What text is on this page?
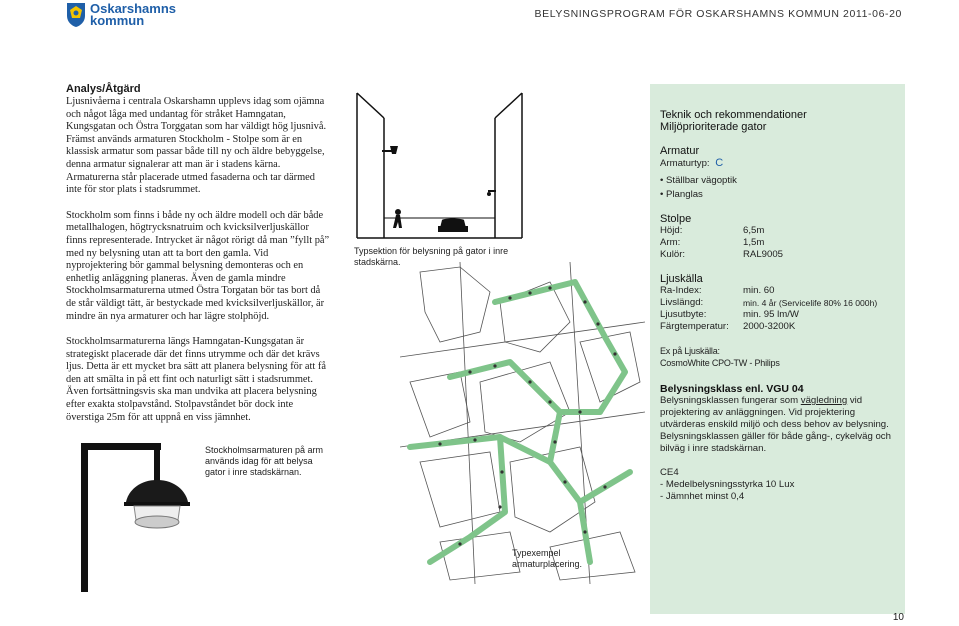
Oskarshamns
kommun	BELYSNINGSPROGRAM FÖR OSKARSHAMNS KOMMUN 2011-06-20
Analys/Åtgärd

Ljusnivåerna i centrala Oskarshamn upplevs idag som ojämna och något låga med undantag för stråket Hamngatan, Kungsgatan och Östra Torggatan som har väldigt hög ljusnivå. Främst används armaturen Stockholm - Stolpe som är en klassisk armatur som passar både till ny och äldre bebyggelse, denna armatur signalerar att man är i stadens kärna. Armaturerna står placerade utmed fasaderna och tar därmed inte för stor plats i stadsrummet.

Stockholm som finns i både ny och äldre modell och där både metallhalogen, högtrycksnatruim och kvicksilverljuskällor finns representerade. Intrycket är något rörigt då man ”fyllt på” med ny belysning utan att ta bort den gamla. Vid nyprojektering bör gammal belysning demonteras och en enhetlig anläggning planeras. Även de gamla mindre Stockholmsarmaturerna utmed Östra Torgatan bör tas bort då de står väldigt tätt, är bestyckade med kvicksilverljuskällor, är mindre än nya armaturer och har lägre stolphöjd.

Stockholmsarmaturerna längs Hamngatan-Kungsgatan är strategiskt placerade där det finns utrymme och där det krävs ljus. Detta är ett mycket bra sätt att planera belysning för att få den att smälta in på ett fint och naturligt sätt i stadsrummet. Även fortsättningsvis ska man undvika att placera belysning efter exakta stolpavstånd. Stolpavståndet bör dock inte överstiga 25m för att uppnå en viss jämnhet.

Stockholmsarmaturen på arm används idag för att belysa gator i inre stadskärnan.
Typsektion för belysning på gator i inre stadskärna.
Typexempel armaturplacering.
Teknik och rekommendationer
Miljöprioriterade gator
Armatur
Armaturtyp: C
• Ställbar vägoptik
• Planglas
Stolpe
Höjd:	6,5m
Arm:	1,5m
Kulör:	RAL9005
Ljuskälla
Ra-Index:	min. 60
Livslängd:	min. 4 år (Servicelife 80% 16 000h)
Ljusutbyte:	min. 95 lm/W
Färgtemperatur:	2000-3200K
Ex på Ljuskälla:
CosmoWhite CPO-TW - Philips
Belysningsklass enl. VGU 04
Belysningsklassen fungerar som vägledning vid projektering av anläggningen. Vid projektering utvärderas enskild miljö och dess behov av belysning. Belysningsklassen gäller för både gång-, cykelväg och bilväg i inre stadskärnan.
CE4
- Medelbelysningsstyrka 10 Lux
- Jämnhet minst 0,4
10
